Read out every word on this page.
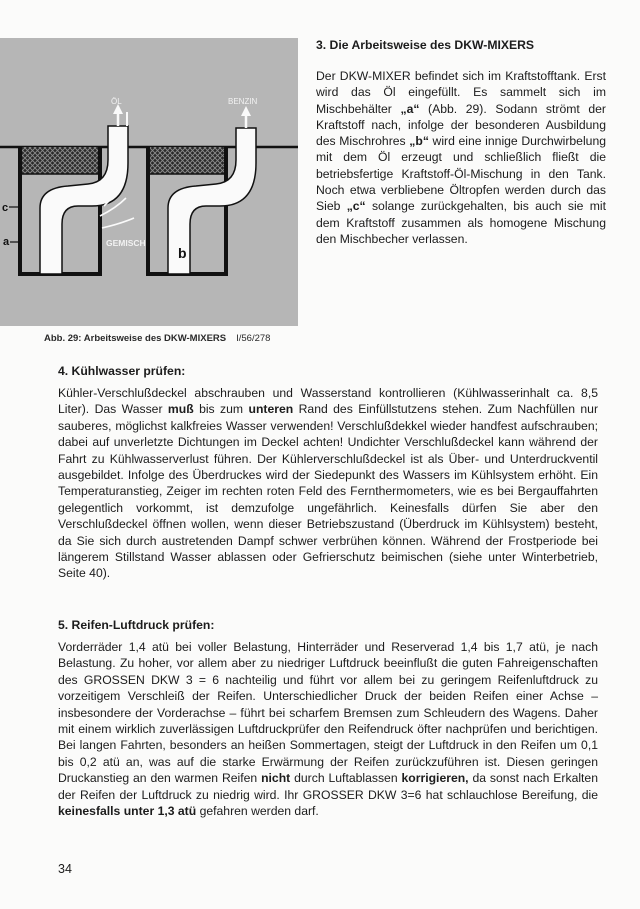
ÖL	BENZIN
GEMISCH
a
b
c
Abb. 29: Arbeitsweise des DKW-MIXERS I/56/278

3. Die Arbeitsweise des DKW-MIXERS

Der DKW-MIXER befindet sich im Kraftstofftank. Erst wird das Öl eingefüllt. Es sammelt sich im Mischbehälter „a“ (Abb. 29). Sodann strömt der Kraftstoff nach, infolge der besonderen Ausbildung des Mischrohres „b“ wird eine innige Durchwirbelung mit dem Öl erzeugt und schließlich fließt die betriebsfertige Kraftstoff-Öl-Mischung in den Tank. Noch etwa verbliebene Öltropfen werden durch das Sieb „c“ solange zurückgehalten, bis auch sie mit dem Kraftstoff zusammen als homogene Mischung den Mischbecher verlassen.

4. Kühlwasser prüfen:

Kühler-Verschlußdeckel abschrauben und Wasserstand kontrollieren (Kühlwasserinhalt ca. 8,5 Liter). Das Wasser muß bis zum unteren Rand des Einfüllstutzens stehen. Zum Nachfüllen nur sauberes, möglichst kalkfreies Wasser verwenden! Verschlußdekkel wieder handfest aufschrauben; dabei auf unverletzte Dichtungen im Deckel achten! Undichter Verschlußdeckel kann während der Fahrt zu Kühlwasserverlust führen. Der Kühlerverschlußdeckel ist als Über- und Unterdruckventil ausgebildet. Infolge des Überdruckes wird der Siedepunkt des Wassers im Kühlsystem erhöht. Ein Temperaturanstieg, Zeiger im rechten roten Feld des Fernthermometers, wie es bei Bergauffahrten gelegentlich vorkommt, ist demzufolge ungefährlich. Keinesfalls dürfen Sie aber den Verschlußdeckel öffnen wollen, wenn dieser Betriebszustand (Überdruck im Kühlsystem) besteht, da Sie sich durch austretenden Dampf schwer verbrühen können. Während der Frostperiode bei längerem Stillstand Wasser ablassen oder Gefrierschutz beimischen (siehe unter Winterbetrieb, Seite 40).

5. Reifen-Luftdruck prüfen:

Vorderräder 1,4 atü bei voller Belastung, Hinterräder und Reserverad 1,4 bis 1,7 atü, je nach Belastung. Zu hoher, vor allem aber zu niedriger Luftdruck beeinflußt die guten Fahreigenschaften des GROSSEN DKW 3 = 6 nachteilig und führt vor allem bei zu geringem Reifenluftdruck zu vorzeitigem Verschleiß der Reifen. Unterschiedlicher Druck der beiden Reifen einer Achse – insbesondere der Vorderachse – führt bei scharfem Bremsen zum Schleudern des Wagens. Daher mit einem wirklich zuverlässigen Luftdruckprüfer den Reifendruck öfter nachprüfen und berichtigen. Bei langen Fahrten, besonders an heißen Sommertagen, steigt der Luftdruck in den Reifen um 0,1 bis 0,2 atü an, was auf die starke Erwärmung der Reifen zurückzuführen ist. Diesen geringen Druckanstieg an den warmen Reifen nicht durch Luftablassen korrigieren, da sonst nach Erkalten der Reifen der Luftdruck zu niedrig wird. Ihr GROSSER DKW 3=6 hat schlauchlose Bereifung, die keinesfalls unter 1,3 atü gefahren werden darf.

34
